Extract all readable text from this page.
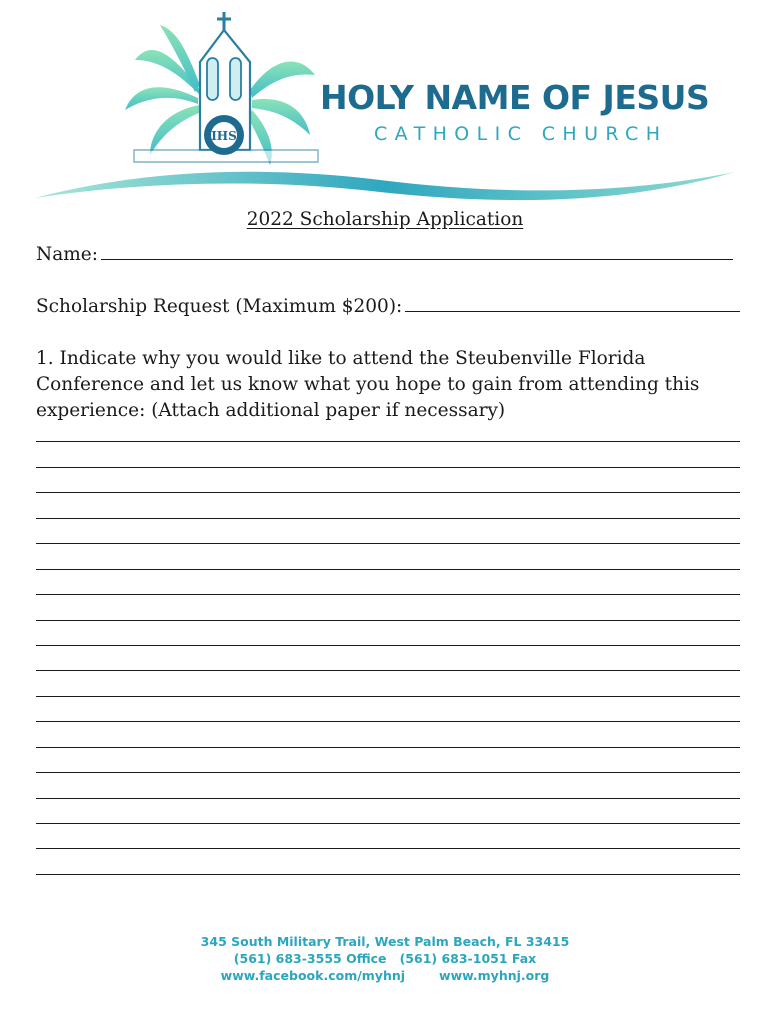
IHS
HOLY NAME OF JESUS
CATHOLIC CHURCH
2022 Scholarship Application
Name:
Scholarship Request (Maximum $200):
1. Indicate why you would like to attend the Steubenville Florida Conference and let us know what you hope to gain from attending this experience: (Attach additional paper if necessary)
345 South Military Trail, West Palm Beach, FL 33415
(561) 683-3555 Office (561) 683-1051 Fax
www.facebook.com/myhnj	www.myhnj.org
